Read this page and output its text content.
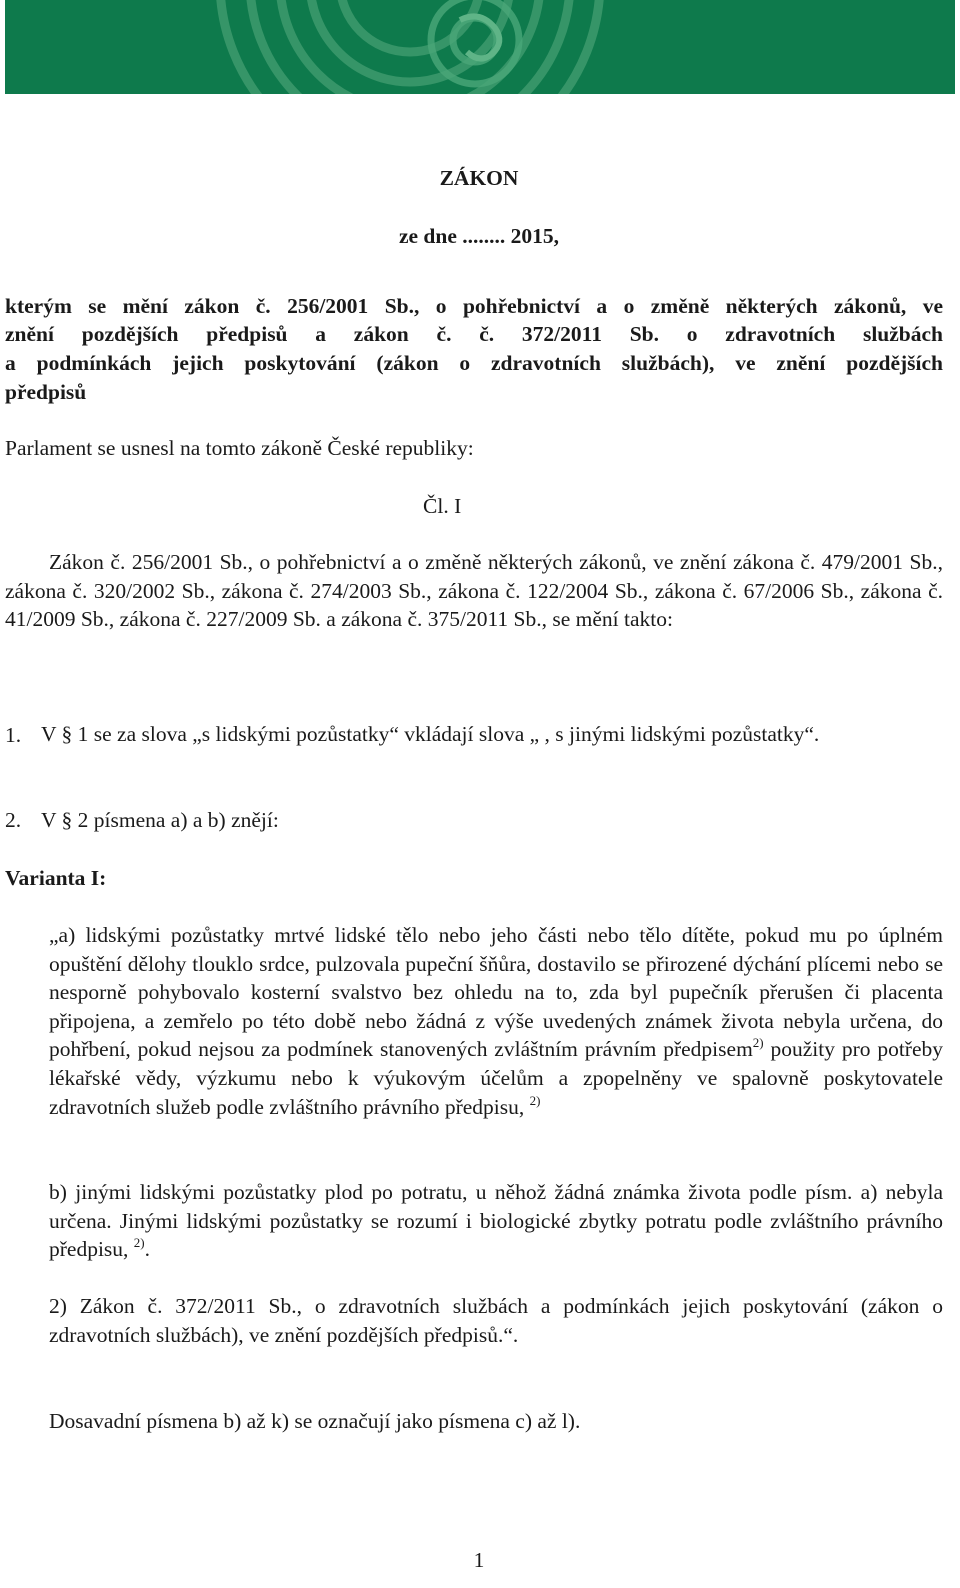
ZÁKON
ze dne ........ 2015,
kterým se mění zákon č. 256/2001 Sb., o pohřebnictví a o změně některých zákonů, ve
znění pozdějších předpisů a zákon č. č. 372/2011 Sb. o zdravotních službách
a podmínkách jejich poskytování (zákon o zdravotních službách), ve znění pozdějších
předpisů
Parlament se usnesl na tomto zákoně České republiky:
Čl. I
Zákon č. 256/2001 Sb., o pohřebnictví a o změně některých zákonů, ve znění zákona č. 479/2001 Sb., zákona č. 320/2002 Sb., zákona č. 274/2003 Sb., zákona č. 122/2004 Sb., zákona č. 67/2006 Sb., zákona č. 41/2009 Sb., zákona č. 227/2009 Sb. a zákona č. 375/2011 Sb., se mění takto:
1. V § 1 se za slova „s lidskými pozůstatky“ vkládají slova „ , s jinými lidskými pozůstatky“.
2. V § 2 písmena a) a b) znějí:
Varianta I:
„a) lidskými pozůstatky mrtvé lidské tělo nebo jeho části nebo tělo dítěte, pokud mu po úplném opuštění dělohy tlouklo srdce, pulzovala pupeční šňůra, dostavilo se přirozené dýchání plícemi nebo se nesporně pohybovalo kosterní svalstvo bez ohledu na to, zda byl pupečník přerušen či placenta připojena, a zemřelo po této době nebo žádná z výše uvedených známek života nebyla určena, do pohřbení, pokud nejsou za podmínek stanovených zvláštním právním předpisem$^{2)}$ použity pro potřeby lékařské vědy, výzkumu nebo k výukovým účelům a zpopelněny ve spalovně poskytovatele zdravotních služeb podle zvláštního právního předpisu, $^{2)}$
b) jinými lidskými pozůstatky plod po potratu, u něhož žádná známka života podle písm. a) nebyla určena. Jinými lidskými pozůstatky se rozumí i biologické zbytky potratu podle zvláštního právního předpisu, $^{2)}$.
2) Zákon č. 372/2011 Sb., o zdravotních službách a podmínkách jejich poskytování (zákon o zdravotních službách), ve znění pozdějších předpisů.“.
Dosavadní písmena b) až k) se označují jako písmena c) až l).
1
